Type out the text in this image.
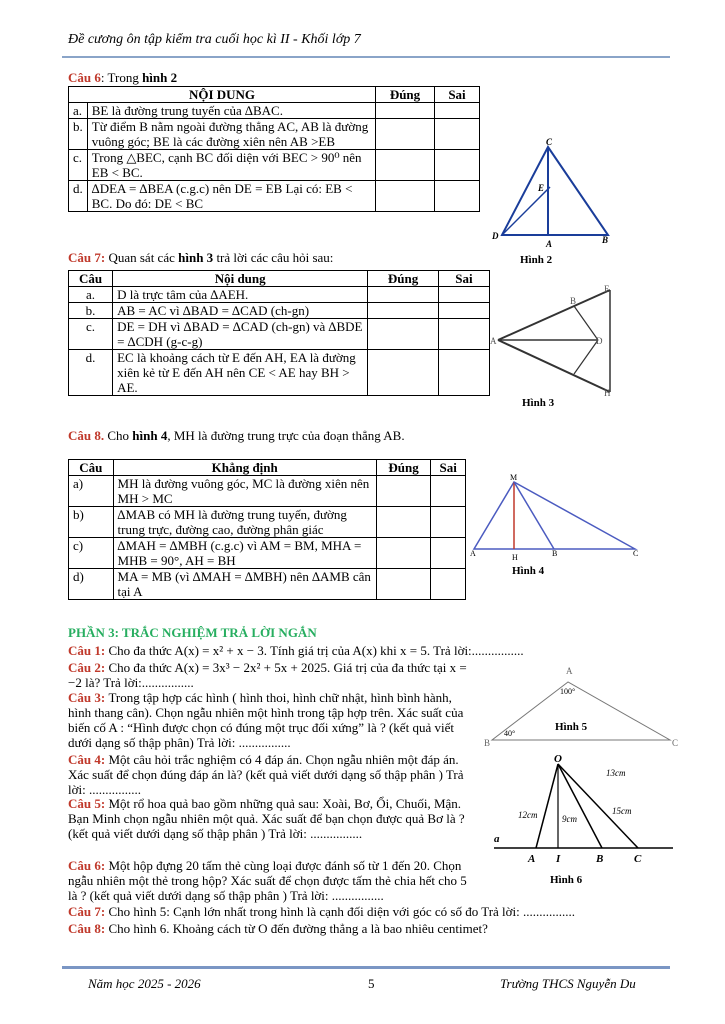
Đề cương ôn tập kiểm tra cuối học kì II - Khối lớp 7
Câu 6: Trong hình 2
NỘI DUNG		Đúng	Sai
a.	BE là đường trung tuyến của ∆BAC.		
b.	Từ điểm B nằm ngoài đường thẳng AC, AB là đường vuông góc; BE là các đường xiên nên AB >EB		
c.	Trong △BEC, cạnh BC đối diện với BEC > 90⁰ nên EB < BC.		
d.	∆DEA = ∆BEA (c.g.c) nên DE = EB Lại có: EB < BC. Do đó: DE < BC		
Câu 7: Quan sát các hình 3 trả lời các câu hỏi sau:
Câu	Nội dung	Đúng	Sai
a.	D là trực tâm của ∆AEH.		
b.	AB = AC vì ∆BAD = ∆CAD (ch-gn)		
c.	DE = DH vì ∆BAD = ∆CAD (ch-gn) và ∆BDE = ∆CDH (g-c-g)		
d.	EC là khoảng cách từ E đến AH, EA là đường xiên kẻ từ E đến AH nên CE < AE hay BH > AE.		
Câu 8. Cho hình 4, MH là đường trung trực của đoạn thẳng AB.
Câu	Khẳng định	Đúng	Sai
a)	MH là đường vuông góc, MC là đường xiên nên MH > MC		
b)	∆MAB có MH là đường trung tuyến, đường trung trực, đường cao, đường phân giác		
c)	∆MAH = ∆MBH (c.g.c) vì AM = BM, MHA = MHB = 90°, AH = BH		
d)	MA = MB (vì ∆MAH = ∆MBH) nên ∆AMB cân tại A		
PHẦN 3: TRẮC NGHIỆM TRẢ LỜI NGẮN
Câu 1: Cho đa thức A(x) = x² + x − 3. Tính giá trị của A(x) khi x = 5. Trả lời:................
Câu 2: Cho đa thức A(x) = 3x³ − 2x² + 5x + 2025. Giá trị của đa thức tại x = −2 là? Trả lời:................
Câu 3: Trong tập hợp các hình ( hình thoi, hình chữ nhật, hình bình hành, hình thang cân). Chọn ngẫu nhiên một hình trong tập hợp trên. Xác suất của biến cố A : “Hình được chọn có đúng một trục đối xứng” là ? (kết quả viết dưới dạng số thập phân) Trả lời: ................
Câu 4: Một câu hỏi trắc nghiệm có 4 đáp án. Chọn ngẫu nhiên một đáp án. Xác suất để chọn đúng đáp án là? (kết quả viết dưới dạng số thập phân ) Trả lời: ................
Câu 5: Một rổ hoa quả bao gồm những quả sau: Xoài, Bơ, Ổi, Chuối, Mận. Bạn Minh chọn ngẫu nhiên một quả. Xác suất để bạn chọn được quả Bơ là ? (kết quả viết dưới dạng số thập phân ) Trả lời: ................
Câu 6: Một hộp đựng 20 tấm thẻ cùng loại được đánh số từ 1 đến 20. Chọn ngẫu nhiên một thẻ trong hộp? Xác suất để chọn được tấm thẻ chia hết cho 5 là ? (kết quả viết dưới dạng số thập phân ) Trả lời: ................
Câu 7: Cho hình 5: Cạnh lớn nhất trong hình là cạnh đối diện với góc có số đo Trả lời: ................
Câu 8: Cho hình 6. Khoảng cách từ O đến đường thẳng a là bao nhiêu centimet?
C
E
D
A	B
Hình 2
A
B
E
D
H
Hình 3
M
A	H	B	C
Hình 4
A
B	C
100°
40°
Hình 5
O
a
A I	B	C
13cm
12cm	9cm
15cm
Hình 6
Năm học 2025 - 2026	5	Trường THCS Nguyễn Du
